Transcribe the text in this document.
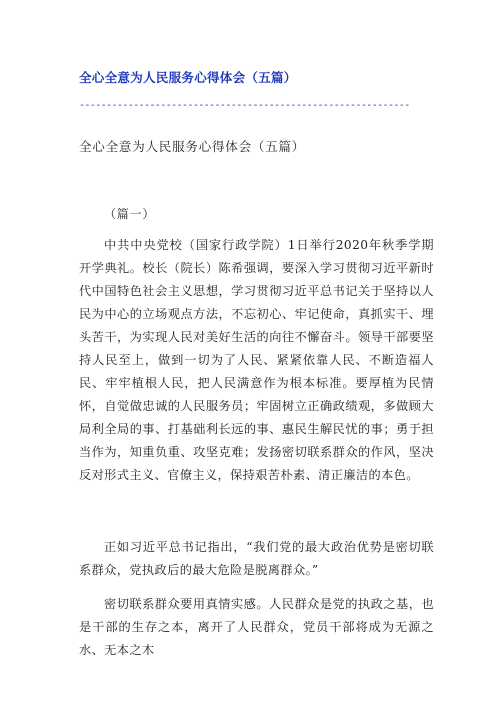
全心全意为人民服务心得体会（五篇）
-------------------------------------------------------------
全心全意为人民服务心得体会（五篇）
（篇一）

中共中央党校（国家行政学院）1日举行2020年秋季学期开学典礼。校长（院长）陈希强调，要深入学习贯彻习近平新时代中国特色社会主义思想，学习贯彻习近平总书记关于坚持以人民为中心的立场观点方法，不忘初心、牢记使命，真抓实干、埋头苦干，为实现人民对美好生活的向往不懈奋斗。领导干部要坚持人民至上，做到一切为了人民、紧紧依靠人民、不断造福人民、牢牢植根人民，把人民满意作为根本标准。要厚植为民情怀，自觉做忠诚的人民服务员；牢固树立正确政绩观，多做顾大局利全局的事、打基础利长远的事、惠民生解民忧的事；勇于担当作为，知重负重、攻坚克难；发扬密切联系群众的作风，坚决反对形式主义、官僚主义，保持艰苦朴素、清正廉洁的本色。

正如习近平总书记指出，“我们党的最大政治优势是密切联系群众，党执政后的最大危险是脱离群众。”

密切联系群众要用真情实感。人民群众是党的执政之基，也是干部的生存之本，离开了人民群众，党员干部将成为无源之水、无本之木
